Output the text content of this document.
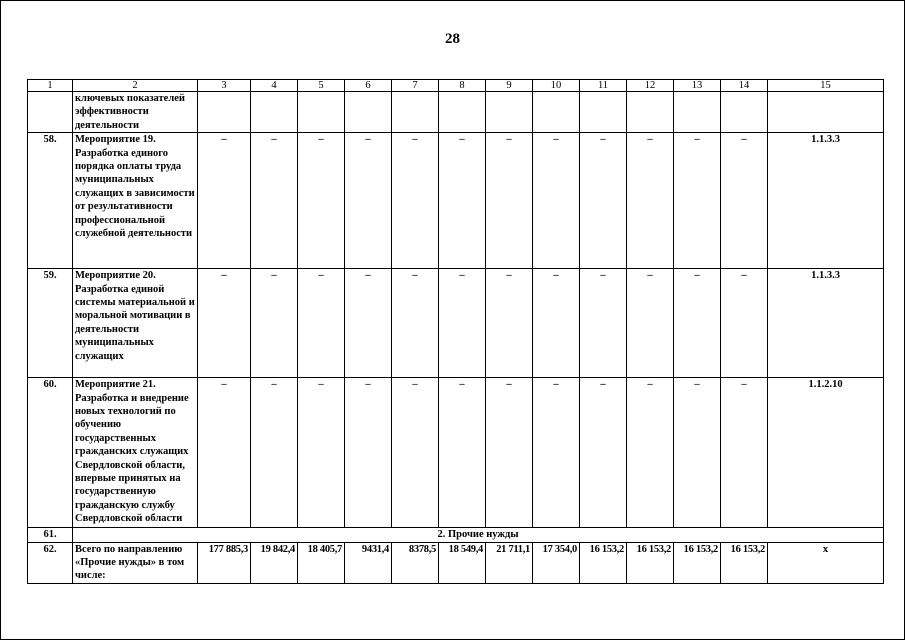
28
1	2	3	4	5	6	7	8	9	10	11	12	13	14	15
	ключевых показателей эффективности деятельности													
58.	Мероприятие 19. Разработка единого порядка оплаты труда муниципальных служащих в зависимости от результативности профессиональной служебной деятельности	–	–	–	–	–	–	–	–	–	–	–	–	1.1.3.3
59.	Мероприятие 20. Разработка единой системы материальной и моральной мотивации в деятельности муниципальных служащих	–	–	–	–	–	–	–	–	–	–	–	–	1.1.3.3
60.	Мероприятие 21. Разработка и внедрение новых технологий по обучению государственных гражданских служащих Свердловской области, впервые принятых на государственную гражданскую службу Свердловской области	–	–	–	–	–	–	–	–	–	–	–	–	1.1.2.10
61.	2. Прочие нужды													
62.	Всего по направлению «Прочие нужды» в том числе:	177 885,3	19 842,4	18 405,7	9431,4	8378,5	18 549,4	21 711,1	17 354,0	16 153,2	16 153,2	16 153,2	16 153,2	х
